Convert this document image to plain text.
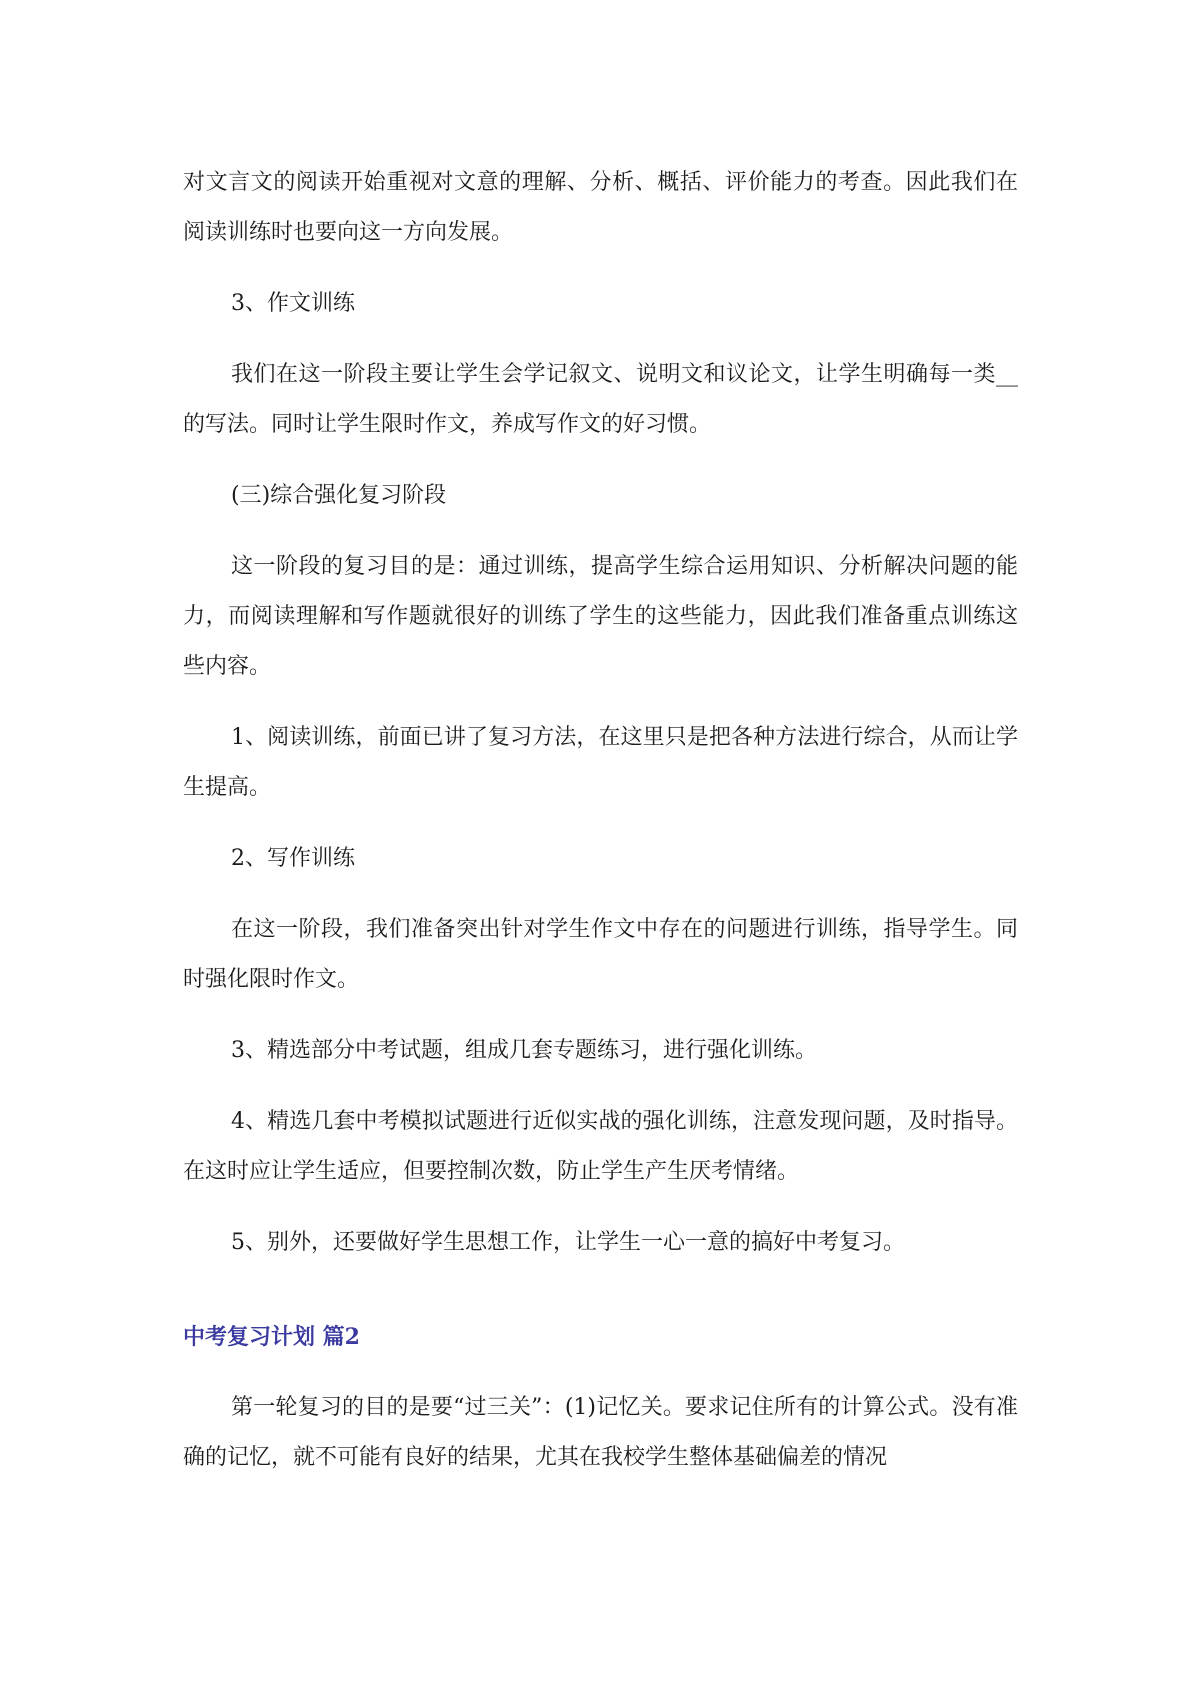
对文言文的阅读开始重视对文意的理解、分析、概括、评价能力的考查。因此我们在阅读训练时也要向这一方向发展。

3、作文训练

我们在这一阶段主要让学生会学记叙文、说明文和议论文，让学生明确每一类__的写法。同时让学生限时作文，养成写作文的好习惯。

(三)综合强化复习阶段

这一阶段的复习目的是：通过训练，提高学生综合运用知识、分析解决问题的能力，而阅读理解和写作题就很好的训练了学生的这些能力，因此我们准备重点训练这些内容。

1、阅读训练，前面已讲了复习方法，在这里只是把各种方法进行综合，从而让学生提高。

2、写作训练

在这一阶段，我们准备突出针对学生作文中存在的问题进行训练，指导学生。同时强化限时作文。

3、精选部分中考试题，组成几套专题练习，进行强化训练。

4、精选几套中考模拟试题进行近似实战的强化训练，注意发现问题，及时指导。在这时应让学生适应，但要控制次数，防止学生产生厌考情绪。

5、别外，还要做好学生思想工作，让学生一心一意的搞好中考复习。

中考复习计划 篇2

第一轮复习的目的是要“过三关”：(1)记忆关。要求记住所有的计算公式。没有准确的记忆，就不可能有良好的结果，尤其在我校学生整体基础偏差的情况
